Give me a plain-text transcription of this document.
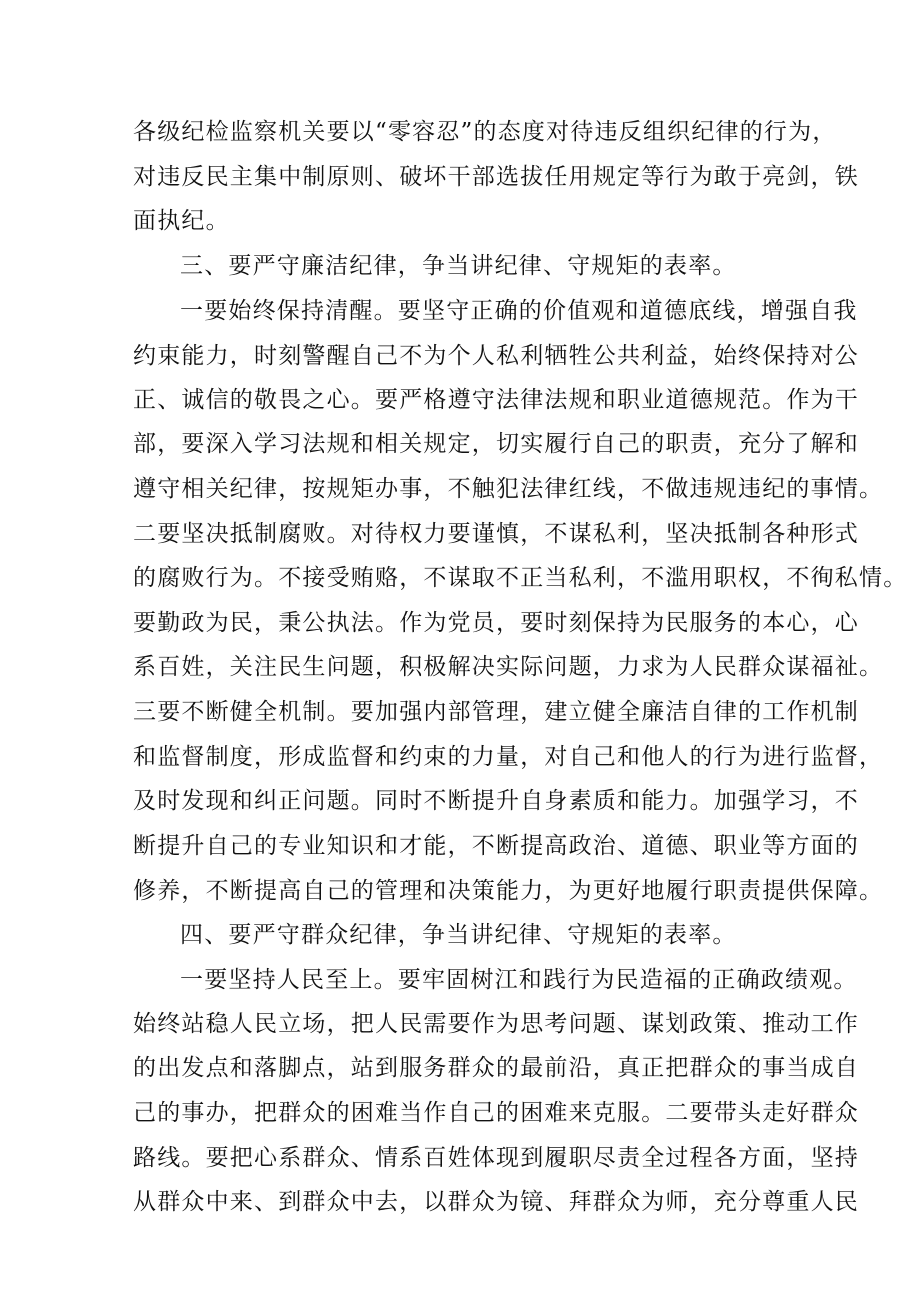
各级纪检监察机关要以“零容忍”的态度对待违反组织纪律的行为，
对违反民主集中制原则、破坏干部选拔任用规定等行为敢于亮剑，铁
面执纪。
三、要严守廉洁纪律，争当讲纪律、守规矩的表率。
一要始终保持清醒。要坚守正确的价值观和道德底线，增强自我
约束能力，时刻警醒自己不为个人私利牺牲公共利益，始终保持对公
正、诚信的敬畏之心。要严格遵守法律法规和职业道德规范。作为干
部，要深入学习法规和相关规定，切实履行自己的职责，充分了解和
遵守相关纪律，按规矩办事，不触犯法律红线，不做违规违纪的事情。
二要坚决抵制腐败。对待权力要谨慎，不谋私利，坚决抵制各种形式
的腐败行为。不接受贿赂，不谋取不正当私利，不滥用职权，不徇私情。
要勤政为民，秉公执法。作为党员，要时刻保持为民服务的本心，心
系百姓，关注民生问题，积极解决实际问题，力求为人民群众谋福祉。
三要不断健全机制。要加强内部管理，建立健全廉洁自律的工作机制
和监督制度，形成监督和约束的力量，对自己和他人的行为进行监督，
及时发现和纠正问题。同时不断提升自身素质和能力。加强学习，不
断提升自己的专业知识和才能，不断提高政治、道德、职业等方面的
修养，不断提高自己的管理和决策能力，为更好地履行职责提供保障。
四、要严守群众纪律，争当讲纪律、守规矩的表率。
一要坚持人民至上。要牢固树江和践行为民造福的正确政绩观。
始终站稳人民立场，把人民需要作为思考问题、谋划政策、推动工作
的出发点和落脚点，站到服务群众的最前沿，真正把群众的事当成自
己的事办，把群众的困难当作自己的困难来克服。二要带头走好群众
路线。要把心系群众、情系百姓体现到履职尽责全过程各方面，坚持
从群众中来、到群众中去，以群众为镜、拜群众为师，充分尊重人民
